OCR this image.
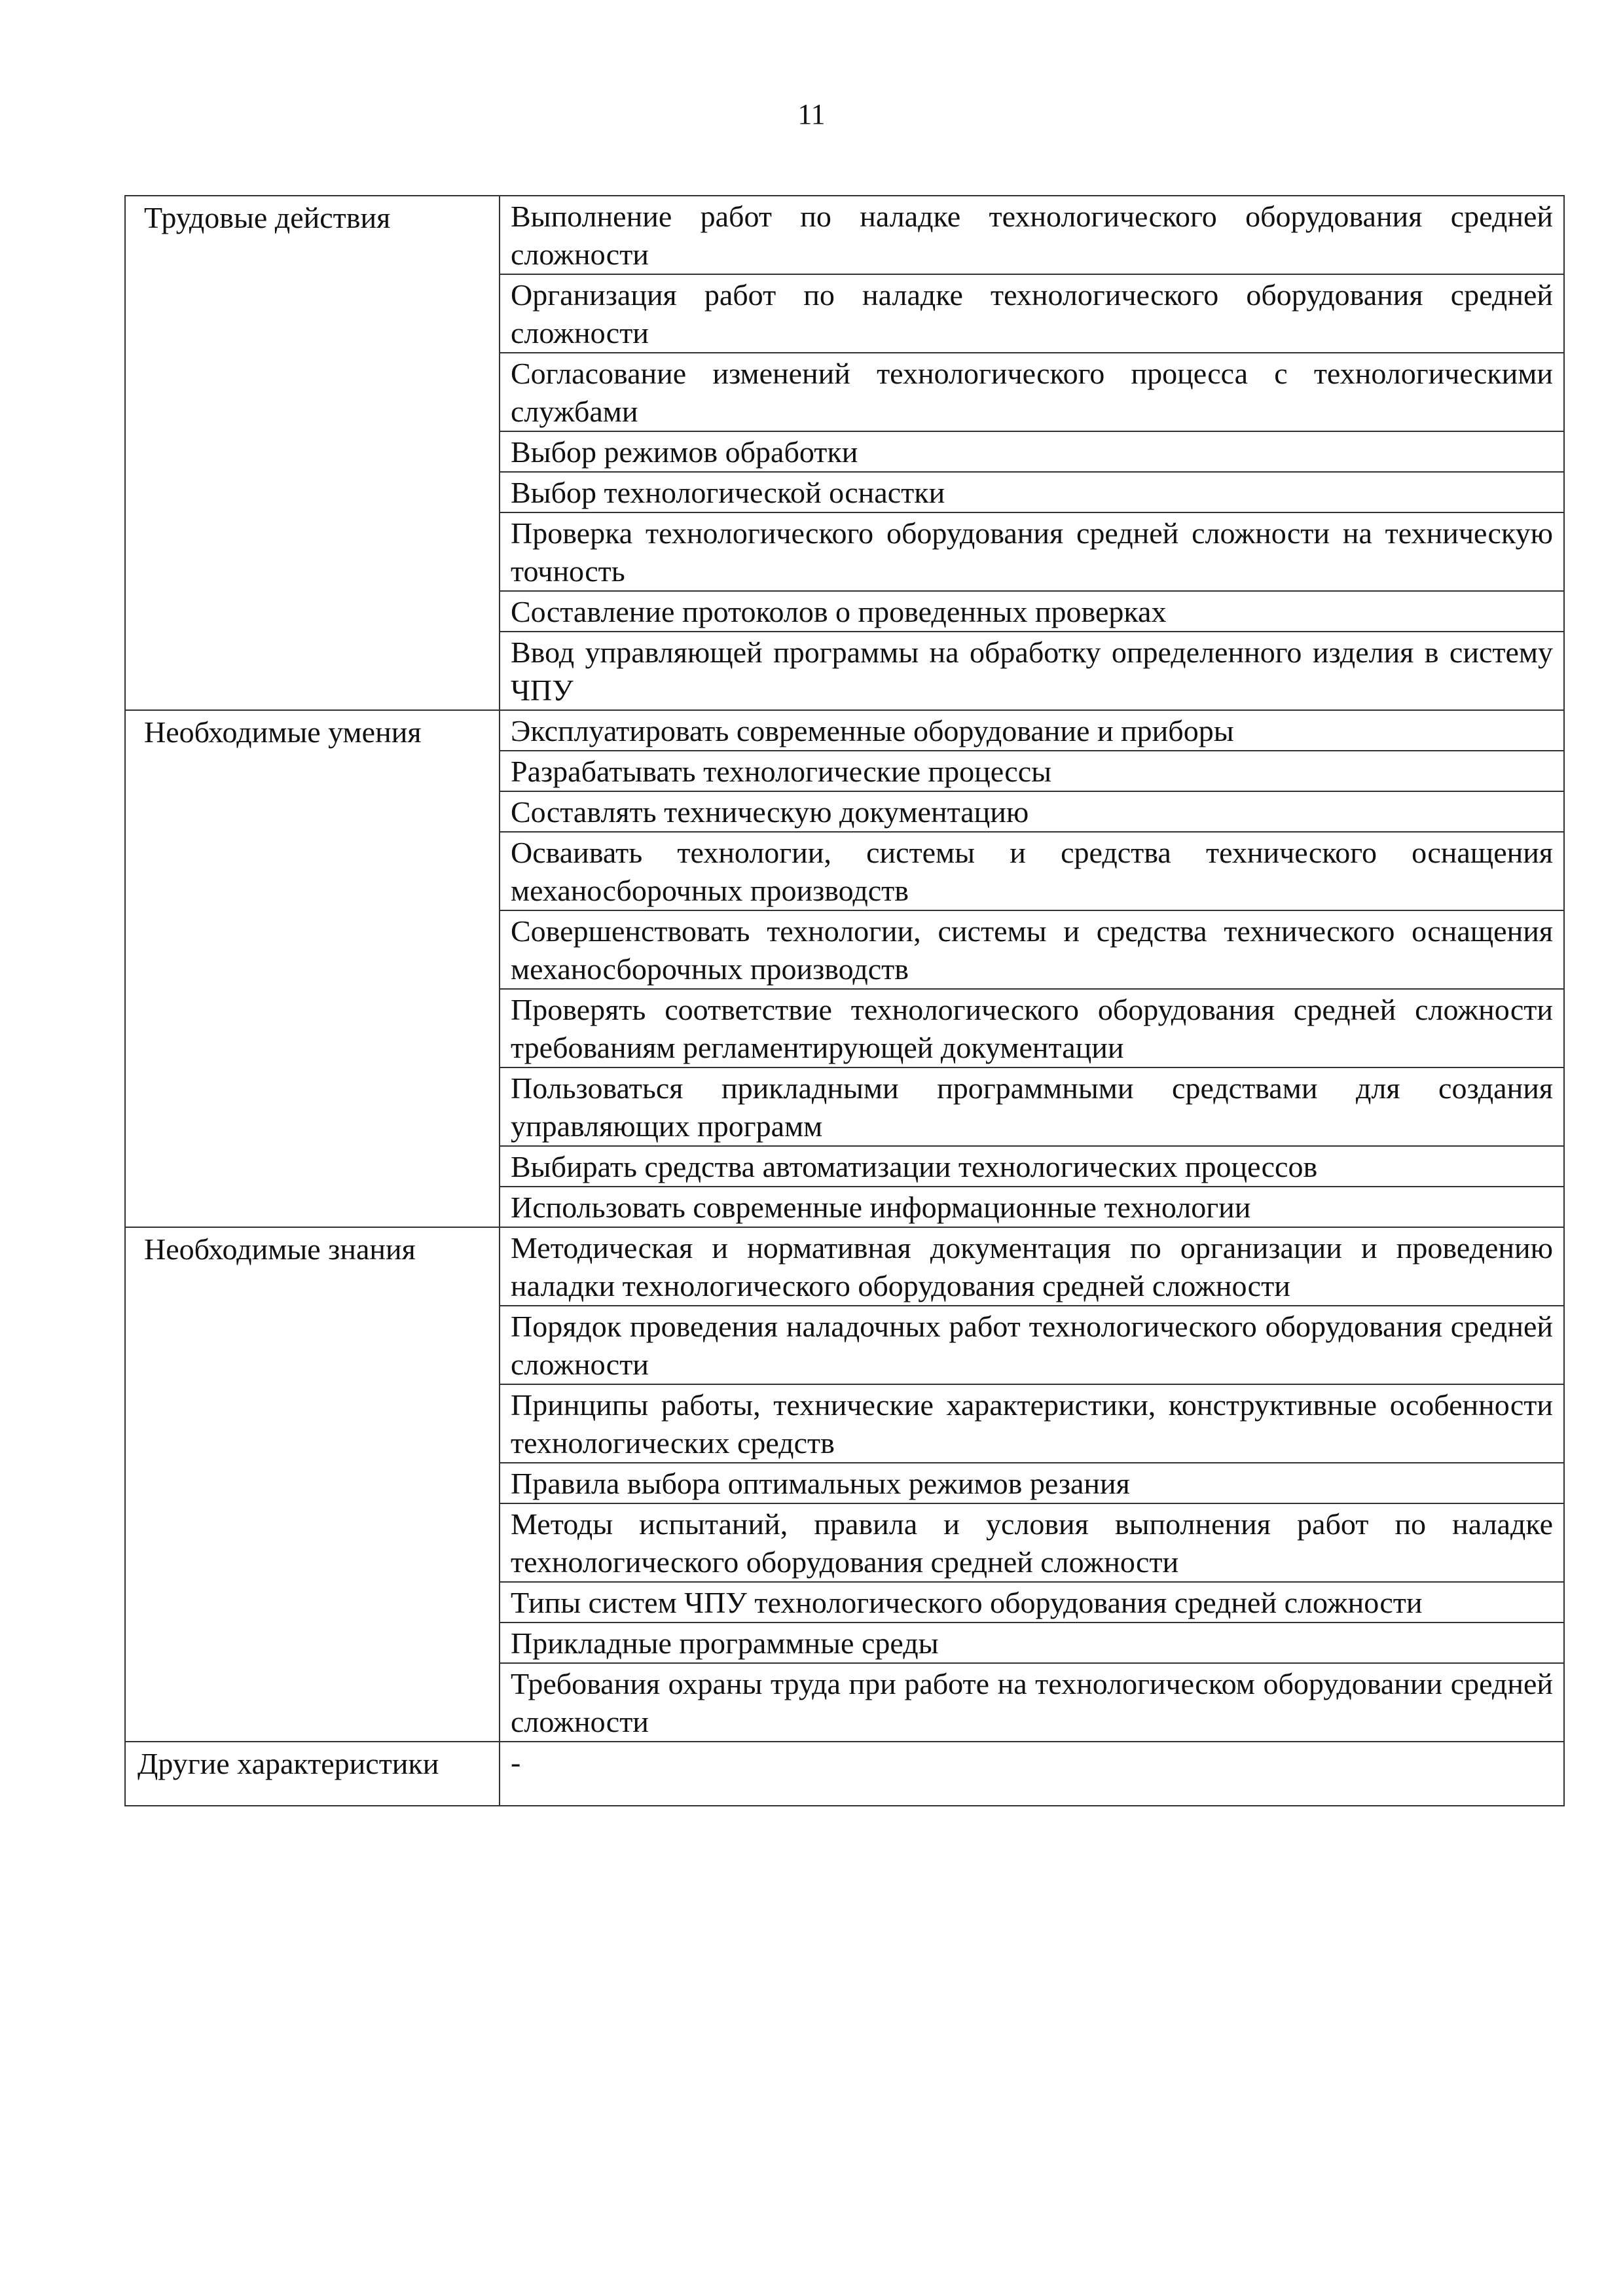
11
Трудовые действия	Выполнение работ по наладке технологического оборудования средней сложности
	Организация работ по наладке технологического оборудования средней сложности
	Согласование изменений технологического процесса с технологическими службами
	Выбор режимов обработки
	Выбор технологической оснастки
	Проверка технологического оборудования средней сложности на техническую точность
	Составление протоколов о проведенных проверках
	Ввод управляющей программы на обработку определенного изделия в систему ЧПУ
Необходимые умения	Эксплуатировать современные оборудование и приборы
	Разрабатывать технологические процессы
	Составлять техническую документацию
	Осваивать технологии, системы и средства технического оснащения механосборочных производств
	Совершенствовать технологии, системы и средства технического оснащения механосборочных производств
	Проверять соответствие технологического оборудования средней сложности требованиям регламентирующей документации
	Пользоваться прикладными программными средствами для создания управляющих программ
	Выбирать средства автоматизации технологических процессов
	Использовать современные информационные технологии
Необходимые знания	Методическая и нормативная документация по организации и проведению наладки технологического оборудования средней сложности
	Порядок проведения наладочных работ технологического оборудования средней сложности
	Принципы работы, технические характеристики, конструктивные особенности технологических средств
	Правила выбора оптимальных режимов резания
	Методы испытаний, правила и условия выполнения работ по наладке технологического оборудования средней сложности
	Типы систем ЧПУ технологического оборудования средней сложности
	Прикладные программные среды
	Требования охраны труда при работе на технологическом оборудовании средней сложности
Другие характеристики	-
